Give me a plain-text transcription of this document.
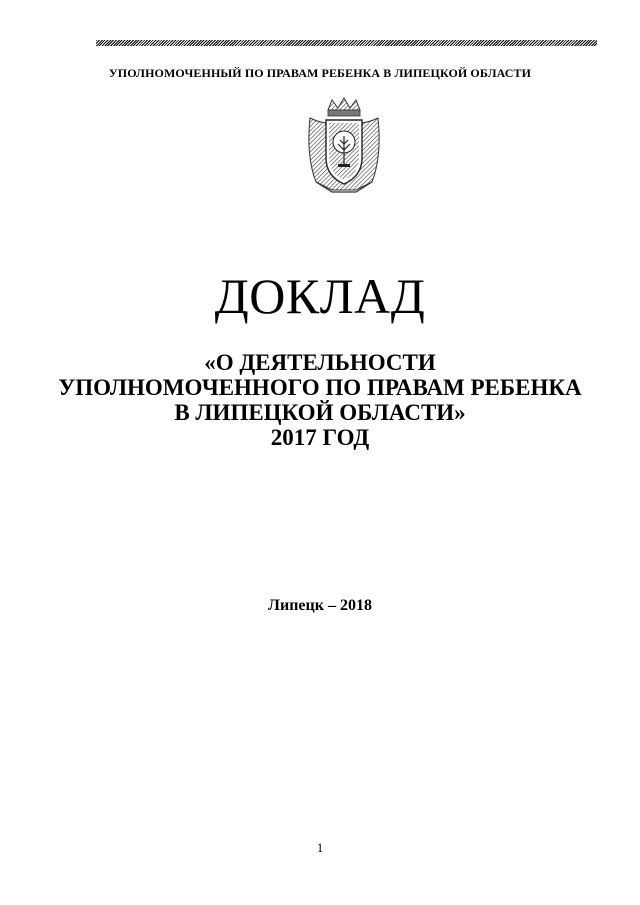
УПОЛНОМОЧЕННЫЙ ПО ПРАВАМ РЕБЕНКА В ЛИПЕЦКОЙ ОБЛАСТИ
ДОКЛАД
«О ДЕЯТЕЛЬНОСТИ
УПОЛНОМОЧЕННОГО ПО ПРАВАМ РЕБЕНКА
В ЛИПЕЦКОЙ ОБЛАСТИ»
2017 ГОД
Липецк – 2018
1
